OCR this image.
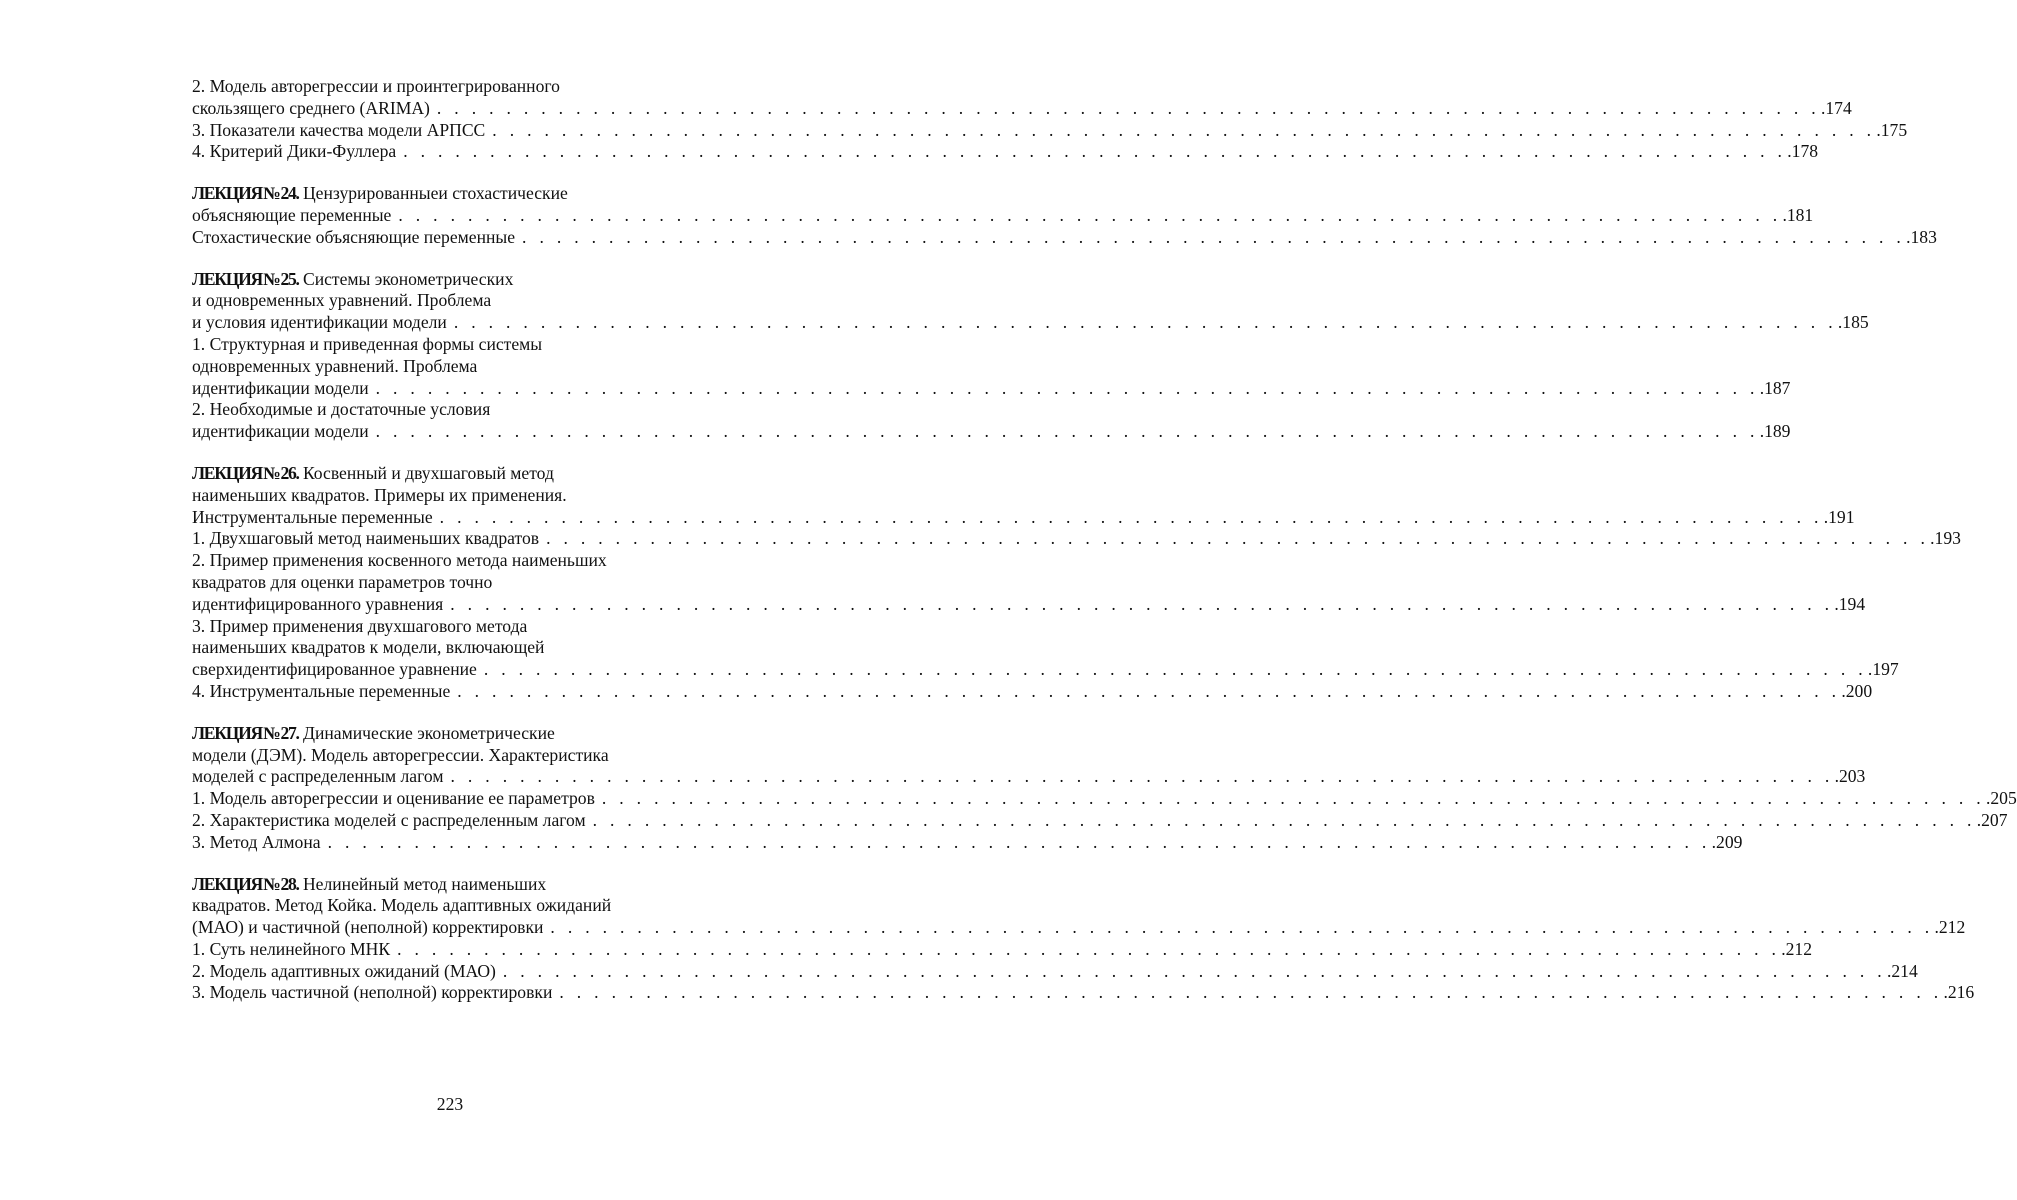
2. Модель авторегрессии и проинтегрированного
скользящего среднего (ARIMA) . . . . . . . . . . . . . . . . . . . . . . . . . . . . . . . . . . . . . . . . . . . . . . . . . . . . . . . . . . . . . . . . . . . . . . . . . . . . . . . . .174
3. Показатели качества модели АРПСС . . . . . . . . . . . . . . . . . . . . . . . . . . . . . . . . . . . . . . . . . . . . . . . . . . . . . . . . . . . . . . . . . . . . . . . . . . . . . . . . .175
4. Критерий Дики-Фуллера . . . . . . . . . . . . . . . . . . . . . . . . . . . . . . . . . . . . . . . . . . . . . . . . . . . . . . . . . . . . . . . . . . . . . . . . . . . . . . . . .178
ЛЕКЦИЯ № 24. Цензурированныеи стохастические
объясняющие переменные . . . . . . . . . . . . . . . . . . . . . . . . . . . . . . . . . . . . . . . . . . . . . . . . . . . . . . . . . . . . . . . . . . . . . . . . . . . . . . . . .181
Стохастические объясняющие переменные . . . . . . . . . . . . . . . . . . . . . . . . . . . . . . . . . . . . . . . . . . . . . . . . . . . . . . . . . . . . . . . . . . . . . . . . . . . . . . . . .183
ЛЕКЦИЯ № 25. Системы эконометрических
и одновременных уравнений. Проблема
и условия идентификации модели . . . . . . . . . . . . . . . . . . . . . . . . . . . . . . . . . . . . . . . . . . . . . . . . . . . . . . . . . . . . . . . . . . . . . . . . . . . . . . . . .185
1. Структурная и приведенная формы системы
одновременных уравнений. Проблема
идентификации модели . . . . . . . . . . . . . . . . . . . . . . . . . . . . . . . . . . . . . . . . . . . . . . . . . . . . . . . . . . . . . . . . . . . . . . . . . . . . . . . . .187
2. Необходимые и достаточные условия
идентификации модели . . . . . . . . . . . . . . . . . . . . . . . . . . . . . . . . . . . . . . . . . . . . . . . . . . . . . . . . . . . . . . . . . . . . . . . . . . . . . . . . .189
ЛЕКЦИЯ № 26. Косвенный и двухшаговый метод
наименьших квадратов. Примеры их применения.
Инструментальные переменные . . . . . . . . . . . . . . . . . . . . . . . . . . . . . . . . . . . . . . . . . . . . . . . . . . . . . . . . . . . . . . . . . . . . . . . . . . . . . . . . .191
1. Двухшаговый метод наименьших квадратов . . . . . . . . . . . . . . . . . . . . . . . . . . . . . . . . . . . . . . . . . . . . . . . . . . . . . . . . . . . . . . . . . . . . . . . . . . . . . . . . .193
2. Пример применения косвенного метода наименьших
квадратов для оценки параметров точно
идентифицированного уравнения . . . . . . . . . . . . . . . . . . . . . . . . . . . . . . . . . . . . . . . . . . . . . . . . . . . . . . . . . . . . . . . . . . . . . . . . . . . . . . . . .194
3. Пример применения двухшагового метода
наименьших квадратов к модели, включающей
сверхидентифицированное уравнение . . . . . . . . . . . . . . . . . . . . . . . . . . . . . . . . . . . . . . . . . . . . . . . . . . . . . . . . . . . . . . . . . . . . . . . . . . . . . . . . .197
4. Инструментальные переменные . . . . . . . . . . . . . . . . . . . . . . . . . . . . . . . . . . . . . . . . . . . . . . . . . . . . . . . . . . . . . . . . . . . . . . . . . . . . . . . . .200
ЛЕКЦИЯ № 27. Динамические эконометрические
модели (ДЭМ). Модель авторегрессии. Характеристика
моделей с распределенным лагом . . . . . . . . . . . . . . . . . . . . . . . . . . . . . . . . . . . . . . . . . . . . . . . . . . . . . . . . . . . . . . . . . . . . . . . . . . . . . . . . .203
1. Модель авторегрессии и оценивание ее параметров . . . . . . . . . . . . . . . . . . . . . . . . . . . . . . . . . . . . . . . . . . . . . . . . . . . . . . . . . . . . . . . . . . . . . . . . . . . . . . . . .205
2. Характеристика моделей с распределенным лагом . . . . . . . . . . . . . . . . . . . . . . . . . . . . . . . . . . . . . . . . . . . . . . . . . . . . . . . . . . . . . . . . . . . . . . . . . . . . . . . . .207
3. Метод Алмона . . . . . . . . . . . . . . . . . . . . . . . . . . . . . . . . . . . . . . . . . . . . . . . . . . . . . . . . . . . . . . . . . . . . . . . . . . . . . . . . .209
ЛЕКЦИЯ № 28. Нелинейный метод наименьших
квадратов. Метод Койка. Модель адаптивных ожиданий
(МАО) и частичной (неполной) корректировки . . . . . . . . . . . . . . . . . . . . . . . . . . . . . . . . . . . . . . . . . . . . . . . . . . . . . . . . . . . . . . . . . . . . . . . . . . . . . . . . .212
1. Суть нелинейного МНК . . . . . . . . . . . . . . . . . . . . . . . . . . . . . . . . . . . . . . . . . . . . . . . . . . . . . . . . . . . . . . . . . . . . . . . . . . . . . . . . .212
2. Модель адаптивных ожиданий (МАО) . . . . . . . . . . . . . . . . . . . . . . . . . . . . . . . . . . . . . . . . . . . . . . . . . . . . . . . . . . . . . . . . . . . . . . . . . . . . . . . . .214
3. Модель частичной (неполной) корректировки . . . . . . . . . . . . . . . . . . . . . . . . . . . . . . . . . . . . . . . . . . . . . . . . . . . . . . . . . . . . . . . . . . . . . . . . . . . . . . . . .216
223
